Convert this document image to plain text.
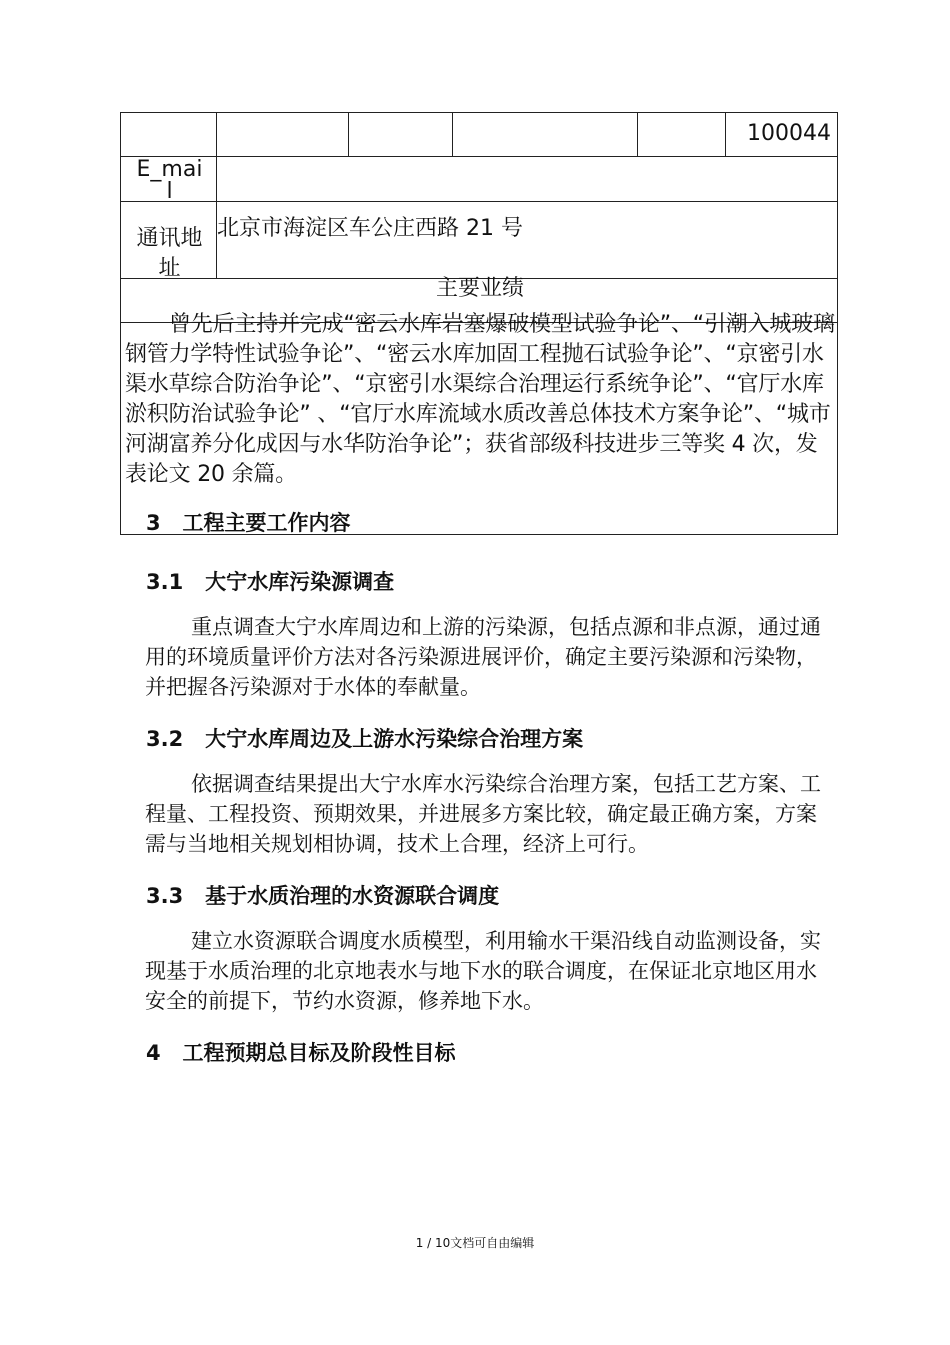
100044
E_mai
l
通讯地
址
北京市海淀区车公庄西路 21 号
主要业绩
曾先后主持并完成“密云水库岩塞爆破模型试验争论”、“引潮入城玻璃钢管力学特性试验争论”、“密云水库加固工程抛石试验争论”、“京密引水渠水草综合防治争论”、“京密引水渠综合治理运行系统争论”、“官厅水库淤积防治试验争论” 、“官厅水库流域水质改善总体技术方案争论”、“城市河湖富养分化成因与水华防治争论”；获省部级科技进步三等奖 4 次，发表论文 20 余篇。
3   工程主要工作内容
3.1   大宁水库污染源调查
重点调查大宁水库周边和上游的污染源，包括点源和非点源，通过通用的环境质量评价方法对各污染源进展评价，确定主要污染源和污染物，并把握各污染源对于水体的奉献量。
3.2   大宁水库周边及上游水污染综合治理方案
依据调查结果提出大宁水库水污染综合治理方案，包括工艺方案、工程量、工程投资、预期效果，并进展多方案比较，确定最正确方案，方案需与当地相关规划相协调，技术上合理，经济上可行。
3.3   基于水质治理的水资源联合调度
建立水资源联合调度水质模型，利用输水干渠沿线自动监测设备，实现基于水质治理的北京地表水与地下水的联合调度，在保证北京地区用水安全的前提下，节约水资源，修养地下水。
4   工程预期总目标及阶段性目标
1 / 10文档可自由编辑
